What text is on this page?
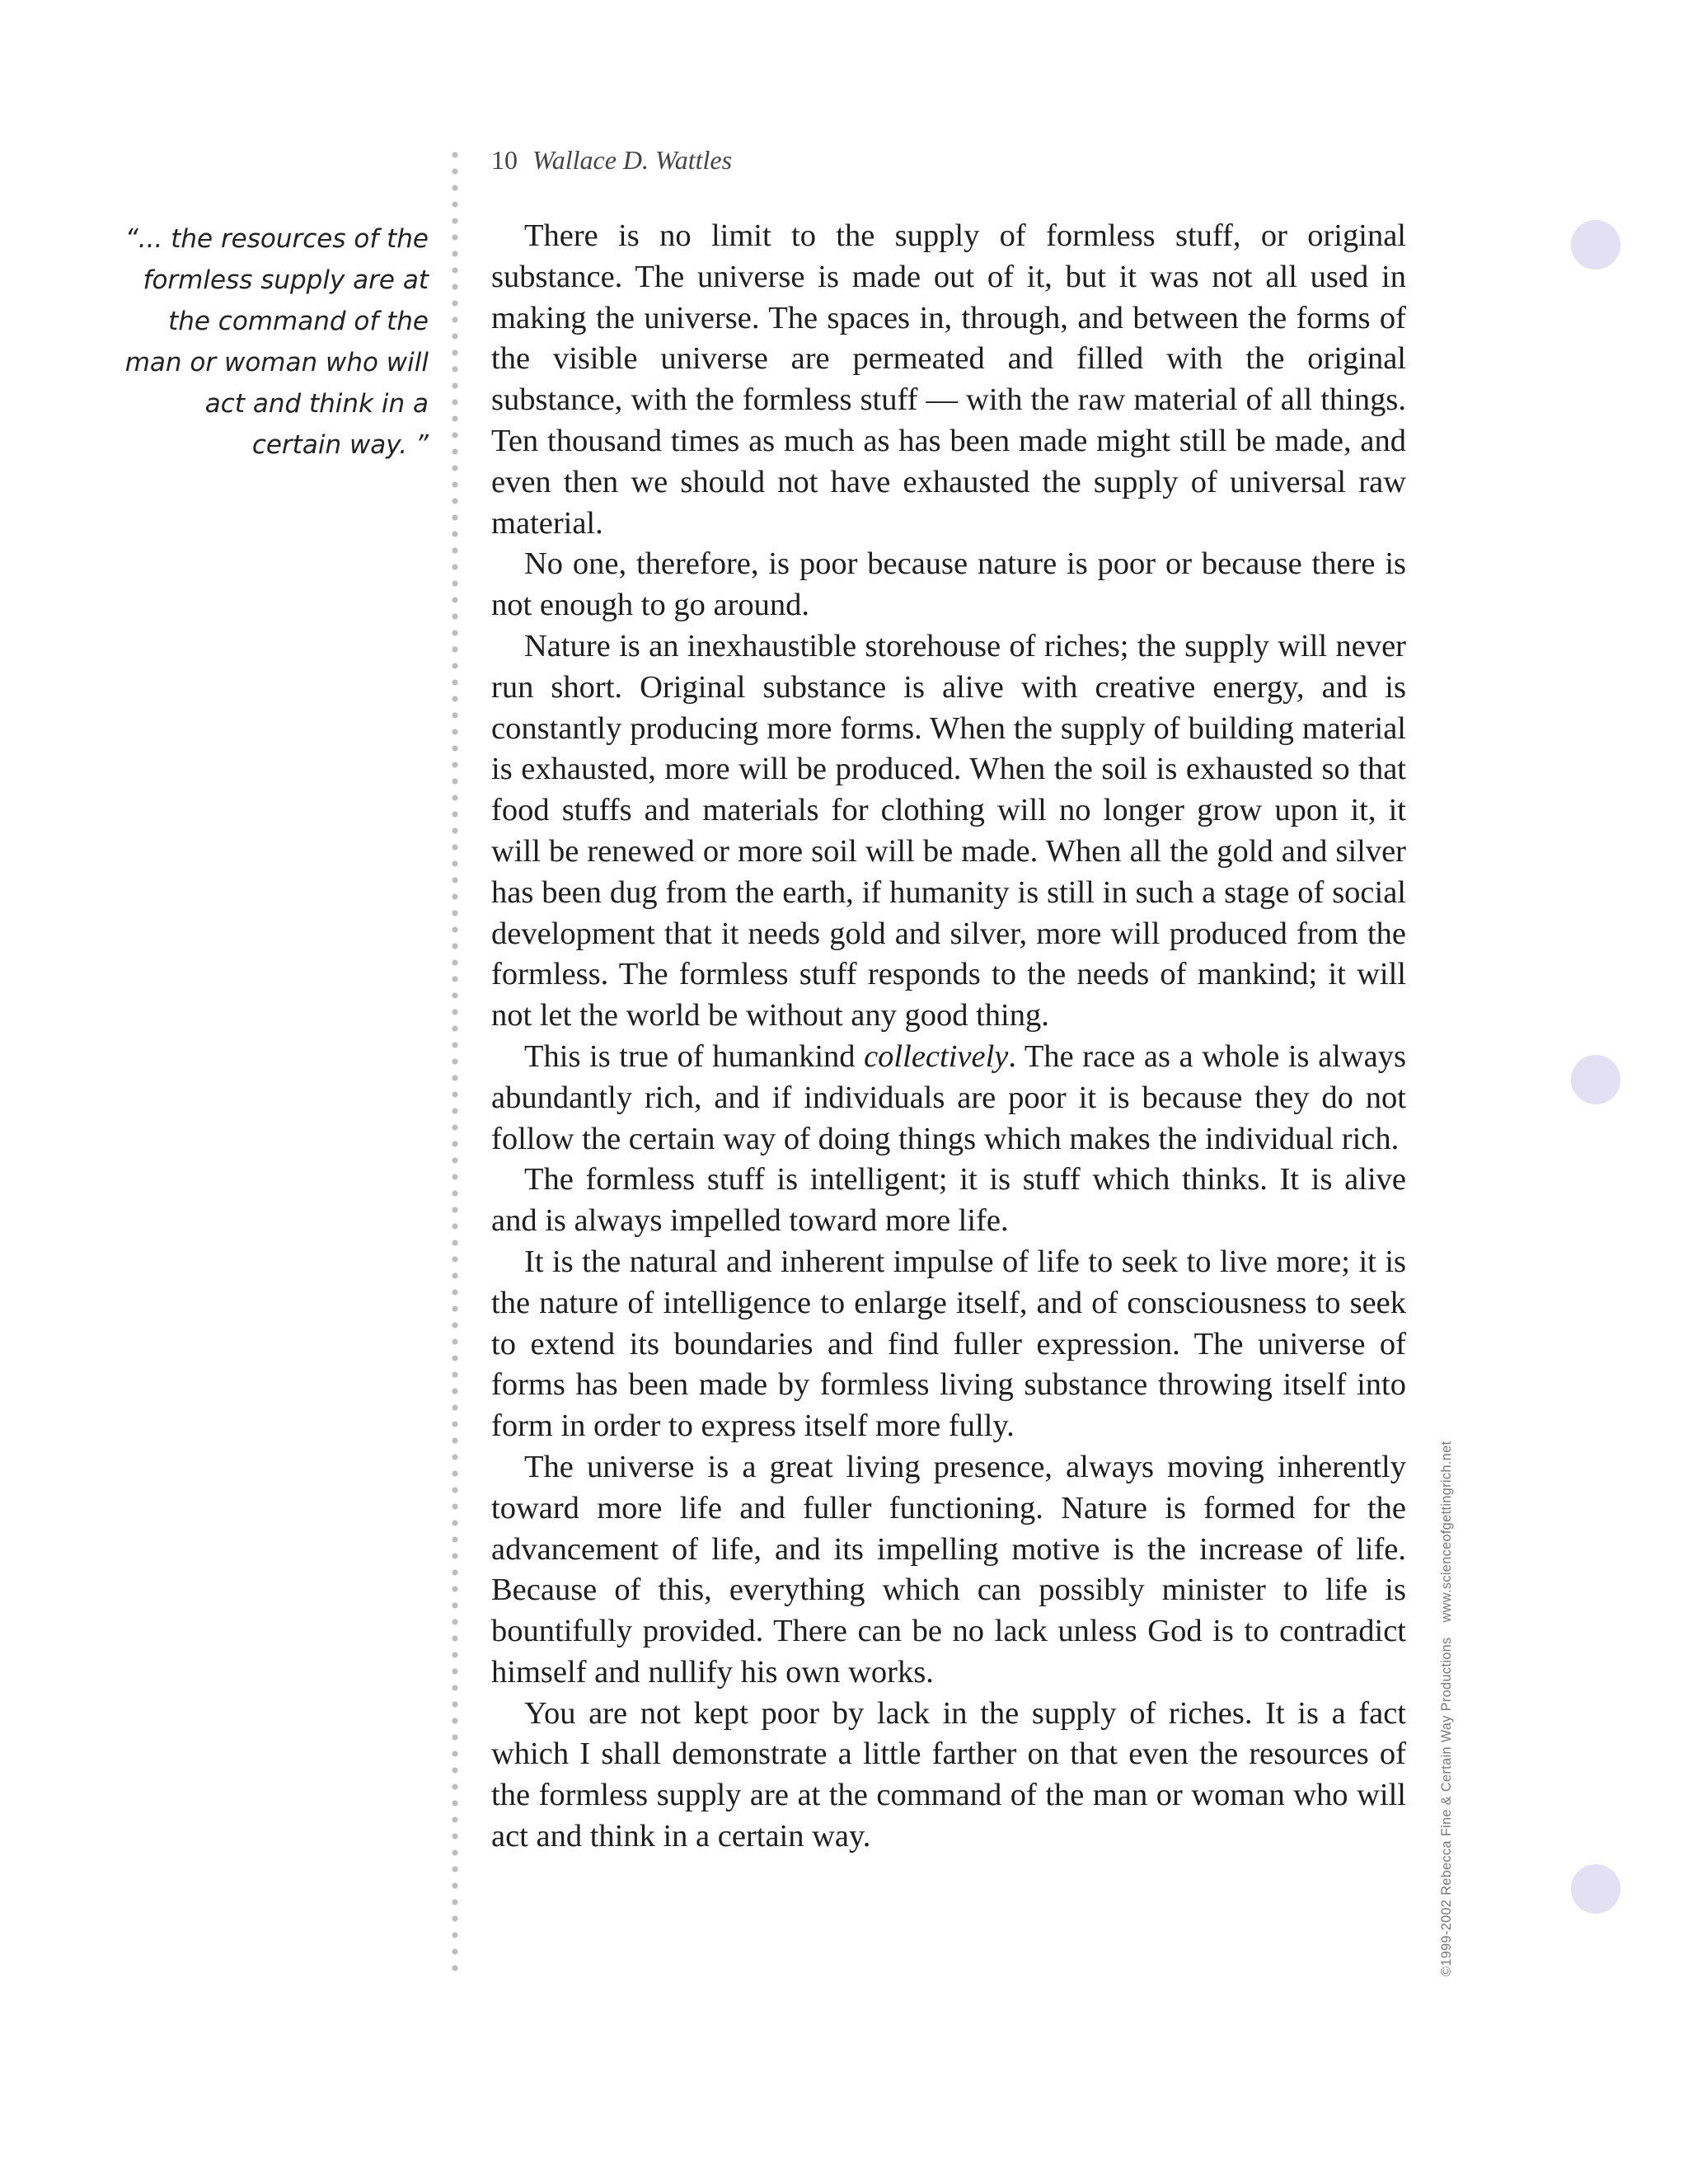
10 Wallace D. Wattles

“... the resources of the formless supply are at the command of the man or woman who will act and think in a certain way. ”

There is no limit to the supply of formless stuff, or original substance. The universe is made out of it, but it was not all used in making the universe. The spaces in, through, and between the forms of the visible universe are permeated and filled with the original substance, with the formless stuff — with the raw material of all things. Ten thousand times as much as has been made might still be made, and even then we should not have exhausted the supply of universal raw material.

No one, therefore, is poor because nature is poor or because there is not enough to go around.

Nature is an inexhaustible storehouse of riches; the supply will never run short. Original substance is alive with creative energy, and is constantly producing more forms. When the supply of building material is exhausted, more will be produced. When the soil is exhausted so that food stuffs and materials for clothing will no longer grow upon it, it will be renewed or more soil will be made. When all the gold and silver has been dug from the earth, if humanity is still in such a stage of social development that it needs gold and silver, more will produced from the formless. The formless stuff responds to the needs of mankind; it will not let the world be without any good thing.

This is true of humankind collectively. The race as a whole is always abundantly rich, and if individuals are poor it is because they do not follow the certain way of doing things which makes the individual rich.

The formless stuff is intelligent; it is stuff which thinks. It is alive and is always impelled toward more life.

It is the natural and inherent impulse of life to seek to live more; it is the nature of intelligence to enlarge itself, and of consciousness to seek to extend its boundaries and find fuller expression. The universe of forms has been made by formless living substance throwing itself into form in order to express itself more fully.

The universe is a great living presence, always moving inherently toward more life and fuller functioning. Nature is formed for the advancement of life, and its impelling motive is the increase of life. Because of this, everything which can possibly minister to life is bountifully provided. There can be no lack unless God is to contradict himself and nullify his own works.

You are not kept poor by lack in the supply of riches. It is a fact which I shall demonstrate a little farther on that even the resources of the formless supply are at the command of the man or woman who will act and think in a certain way.	©1999-2002 Rebecca Fine & Certain Way Productionswww.scienceofgettingrich.net
